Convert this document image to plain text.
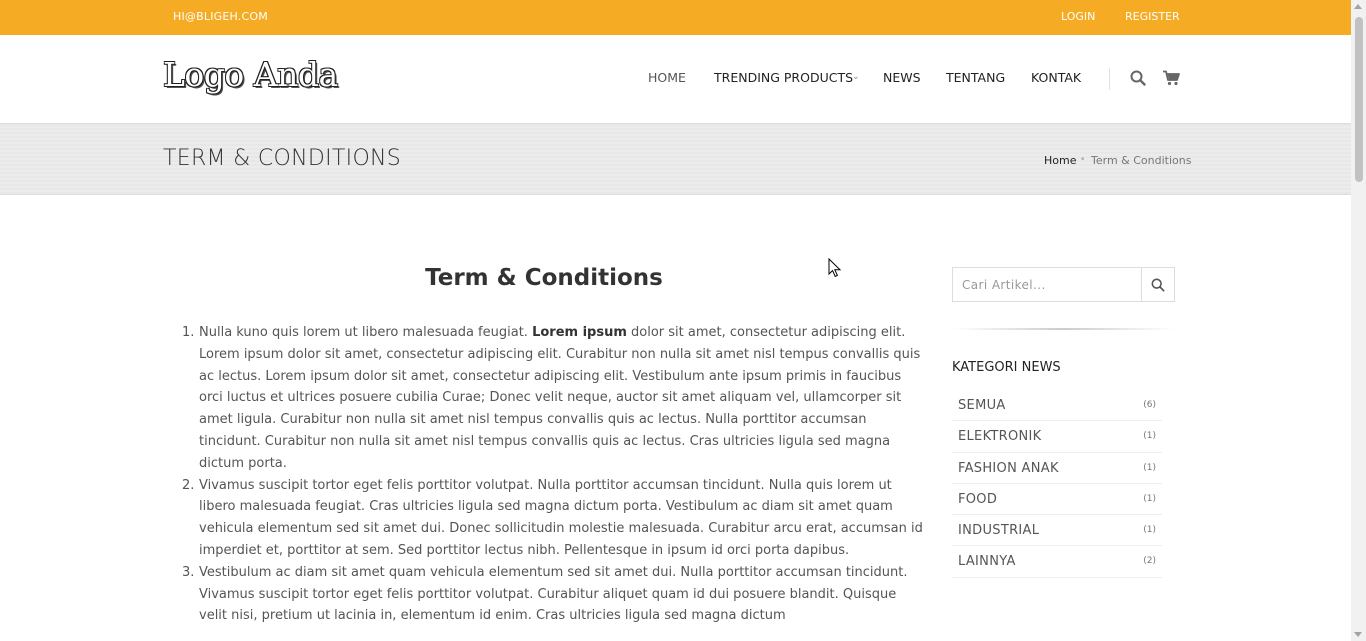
HI@BLIGEH.COM	LOGIN	REGISTER
Logo Anda	HOME TRENDING PRODUCTS
⌄ NEWS TENTANG KONTAK
TERM & CONDITIONS	Home • Term & Conditions
Term & Conditions
1. Nulla kuno quis lorem ut libero malesuada feugiat. Lorem ipsum dolor sit amet, consectetur adipiscing elit. Lorem ipsum dolor sit amet, consectetur adipiscing elit. Curabitur non nulla sit amet nisl tempus convallis quis ac lectus. Lorem ipsum dolor sit amet, consectetur adipiscing elit. Vestibulum ante ipsum primis in faucibus orci luctus et ultrices posuere cubilia Curae; Donec velit neque, auctor sit amet aliquam vel, ullamcorper sit amet ligula. Curabitur non nulla sit amet nisl tempus convallis quis ac lectus. Nulla porttitor accumsan tincidunt. Curabitur non nulla sit amet nisl tempus convallis quis ac lectus. Cras ultricies ligula sed magna dictum porta.
2. Vivamus suscipit tortor eget felis porttitor volutpat. Nulla porttitor accumsan tincidunt. Nulla quis lorem ut libero malesuada feugiat. Cras ultricies ligula sed magna dictum porta. Vestibulum ac diam sit amet quam vehicula elementum sed sit amet dui. Donec sollicitudin molestie malesuada. Curabitur arcu erat, accumsan id imperdiet et, porttitor at sem. Sed porttitor lectus nibh. Pellentesque in ipsum id orci porta dapibus.
3. Vestibulum ac diam sit amet quam vehicula elementum sed sit amet dui. Nulla porttitor accumsan tincidunt. Vivamus suscipit tortor eget felis porttitor volutpat. Curabitur aliquet quam id dui posuere blandit. Quisque velit nisi, pretium ut lacinia in, elementum id enim. Cras ultricies ligula sed magna dictum
Cari Artikel...
KATEGORI NEWS
SEMUA	(6)
ELEKTRONIK	(1)
FASHION ANAK	(1)
FOOD	(1)
INDUSTRIAL	(1)
LAINNYA	(2)
